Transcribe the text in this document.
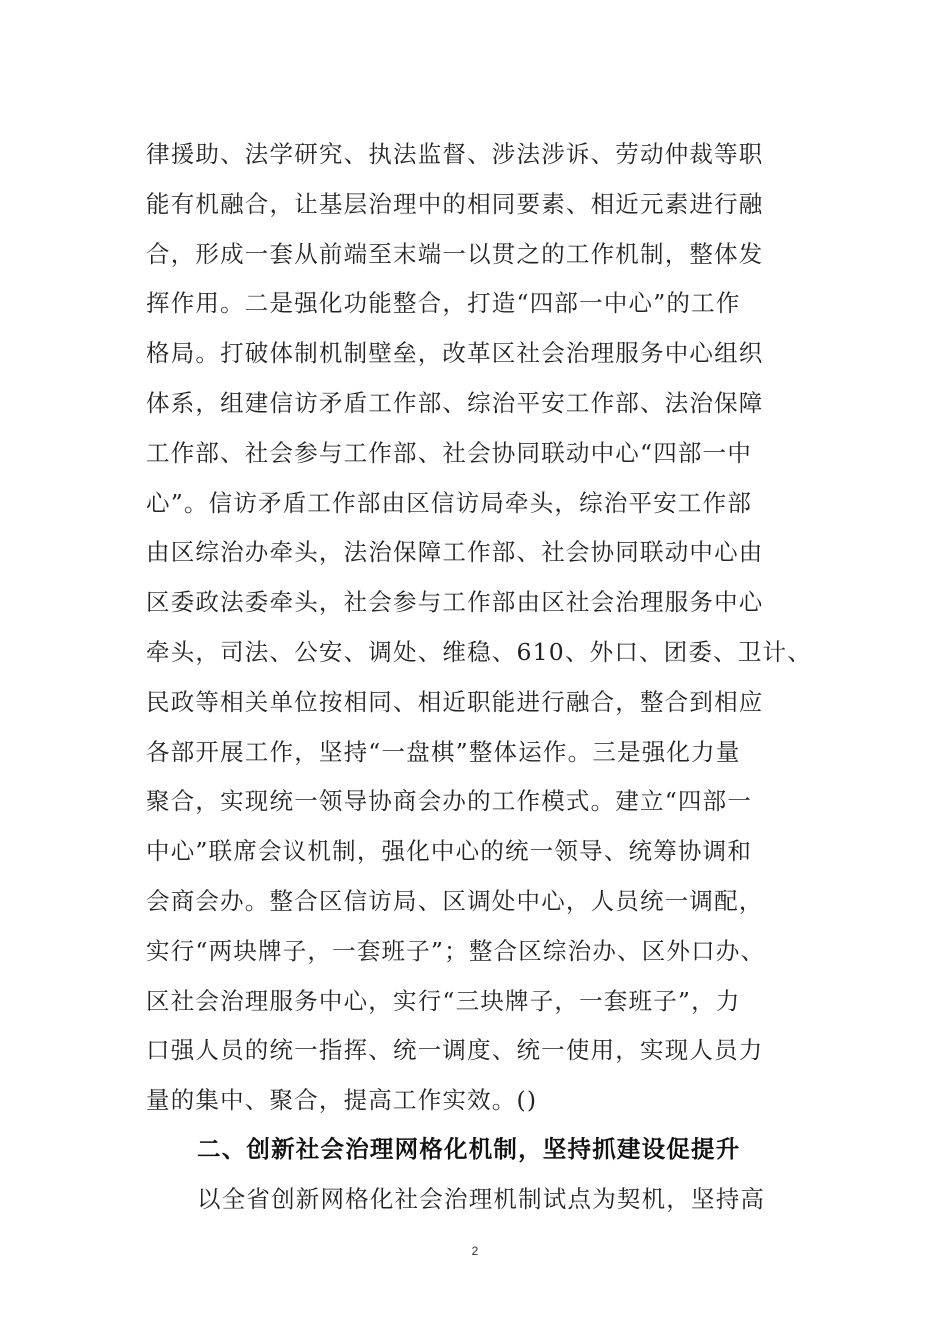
律援助、法学研究、执法监督、涉法涉诉、劳动仲裁等职
能有机融合，让基层治理中的相同要素、相近元素进行融
合，形成一套从前端至末端一以贯之的工作机制，整体发
挥作用。二是强化功能整合，打造“四部一中心”的工作
格局。打破体制机制壁垒，改革区社会治理服务中心组织
体系，组建信访矛盾工作部、综治平安工作部、法治保障
工作部、社会参与工作部、社会协同联动中心“四部一中
心”。信访矛盾工作部由区信访局牵头，综治平安工作部
由区综治办牵头，法治保障工作部、社会协同联动中心由
区委政法委牵头，社会参与工作部由区社会治理服务中心
牵头，司法、公安、调处、维稳、610、外口、团委、卫计、
民政等相关单位按相同、相近职能进行融合，整合到相应
各部开展工作，坚持“一盘棋”整体运作。三是强化力量
聚合，实现统一领导协商会办的工作模式。建立“四部一
中心”联席会议机制，强化中心的统一领导、统筹协调和
会商会办。整合区信访局、区调处中心，人员统一调配，
实行“两块牌子，一套班子”；整合区综治办、区外口办、
区社会治理服务中心，实行“三块牌子，一套班子”，力
口强人员的统一指挥、统一调度、统一使用，实现人员力
量的集中、聚合，提高工作实效。()
二、创新社会治理网格化机制，坚持抓建设促提升
以全省创新网格化社会治理机制试点为契机，坚持高
2
